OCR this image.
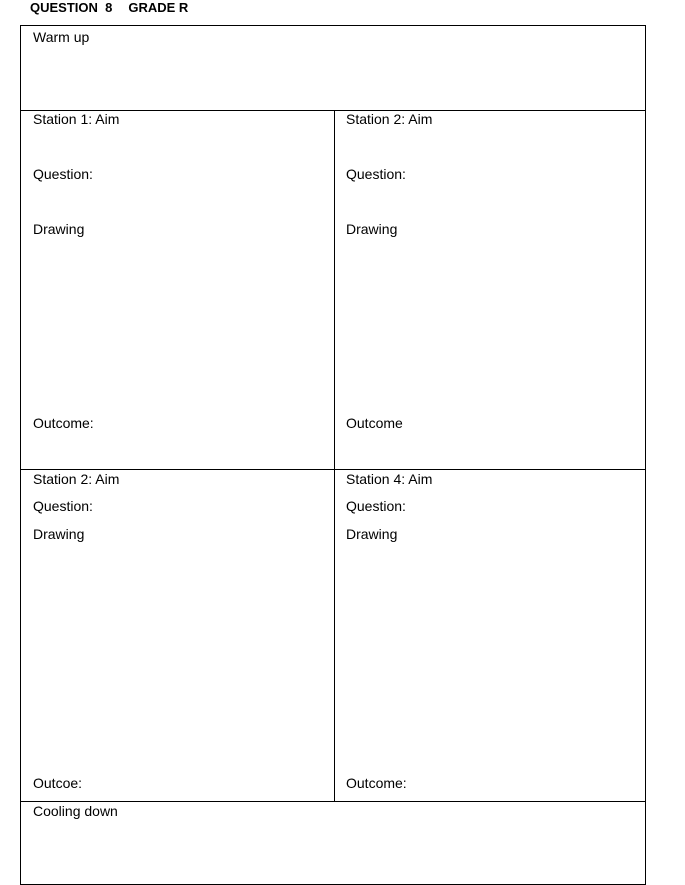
QUESTION  8 GRADE R
Warm up
Station 1: Aim
Question:
Drawing
Outcome:
Station 2: Aim
Question:
Drawing
Outcome
Station 2: Aim
Question:
Drawing
Outcoe:
Station 4: Aim
Question:
Drawing
Outcome:
Cooling down
